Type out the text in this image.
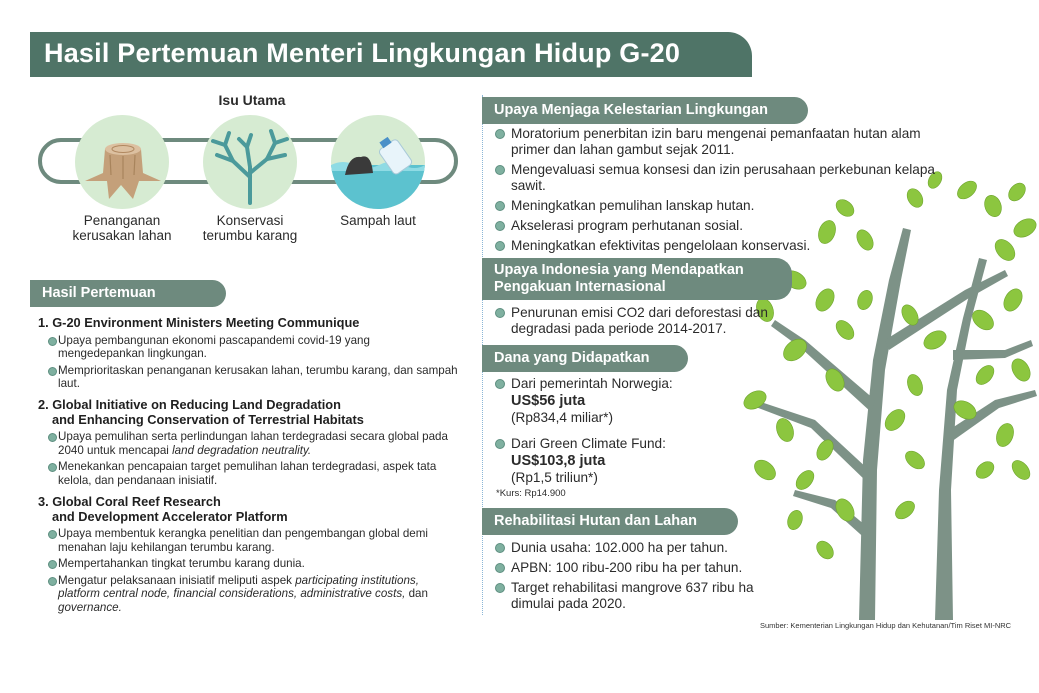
Hasil Pertemuan Menteri Lingkungan Hidup G-20
Isu Utama
Penanganan kerusakan lahan
Konservasi terumbu karang
Sampah laut
Hasil Pertemuan
1. G-20 Environment Ministers Meeting Communique
Upaya pembangunan ekonomi pascapandemi covid-19 yang mengedepankan lingkungan.
Memprioritaskan penanganan kerusakan lahan, terumbu karang, dan sampah laut.
2. Global Initiative on Reducing Land Degradation
and Enhancing Conservation of Terrestrial Habitats
Upaya pemulihan serta perlindungan lahan terdegradasi secara global pada 2040 untuk mencapai land degradation neutrality.
Menekankan pencapaian target pemulihan lahan terdegradasi, aspek tata kelola, dan pendanaan inisiatif.
3. Global Coral Reef Research
and Development Accelerator Platform
Upaya membentuk kerangka penelitian dan pengembangan global demi menahan laju kehilangan terumbu karang.
Mempertahankan tingkat terumbu karang dunia.
Mengatur pelaksanaan inisiatif meliputi aspek participating institutions, platform central node, financial considerations, administrative costs, dan governance.
Upaya Menjaga Kelestarian Lingkungan
Moratorium penerbitan izin baru mengenai pemanfaatan hutan alam primer dan lahan gambut sejak 2011.
Mengevaluasi semua konsesi dan izin perusahaan perkebunan kelapa sawit.
Meningkatkan pemulihan lanskap hutan.
Akselerasi program perhutanan sosial.
Meningkatkan efektivitas pengelolaan konservasi.
Upaya Indonesia yang Mendapatkan
Pengakuan Internasional
Penurunan emisi CO2 dari deforestasi dan degradasi pada periode 2014-2017.
Dana yang Didapatkan
Dari pemerintah Norwegia:
US$56 juta
(Rp834,4 miliar*)
Dari Green Climate Fund:
US$103,8 juta
(Rp1,5 triliun*)
*Kurs: Rp14.900
Rehabilitasi Hutan dan Lahan
Dunia usaha: 102.000 ha per tahun.
APBN: 100 ribu-200 ribu ha per tahun.
Target rehabilitasi mangrove 637 ribu ha dimulai pada 2020.
Sumber: Kementerian Lingkungan Hidup dan Kehutanan/Tim Riset MI-NRC
